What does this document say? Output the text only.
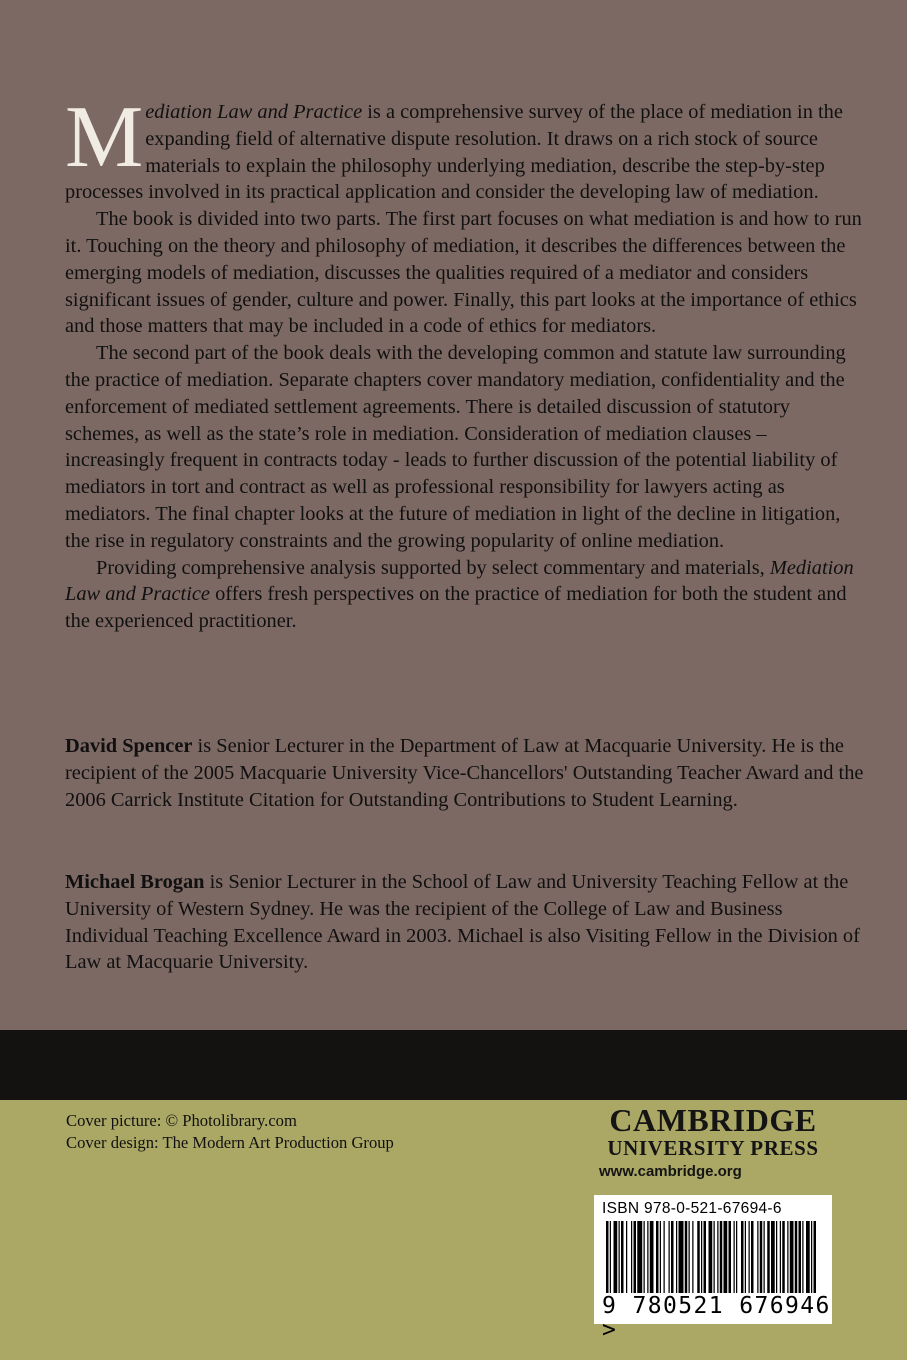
Mediation Law and Practice is a comprehensive survey of the place of mediation in the expanding field of alternative dispute resolution. It draws on a rich stock of source materials to explain the philosophy underlying mediation, describe the step-by-step processes involved in its practical application and consider the developing law of mediation.

The book is divided into two parts. The first part focuses on what mediation is and how to run it. Touching on the theory and philosophy of mediation, it describes the differences between the emerging models of mediation, discusses the qualities required of a mediator and considers significant issues of gender, culture and power. Finally, this part looks at the importance of ethics and those matters that may be included in a code of ethics for mediators.

The second part of the book deals with the developing common and statute law surrounding the practice of mediation. Separate chapters cover mandatory mediation, confidentiality and the enforcement of mediated settlement agreements. There is detailed discussion of statutory schemes, as well as the state’s role in mediation. Consideration of mediation clauses – increasingly frequent in contracts today - leads to further discussion of the potential liability of mediators in tort and contract as well as professional responsibility for lawyers acting as mediators. The final chapter looks at the future of mediation in light of the decline in litigation, the rise in regulatory constraints and the growing popularity of online mediation.

Providing comprehensive analysis supported by select commentary and materials, Mediation Law and Practice offers fresh perspectives on the practice of mediation for both the student and the experienced practitioner.

David Spencer is Senior Lecturer in the Department of Law at Macquarie University. He is the recipient of the 2005 Macquarie University Vice-Chancellors' Outstanding Teacher Award and the 2006 Carrick Institute Citation for Outstanding Contributions to Student Learning.

Michael Brogan is Senior Lecturer in the School of Law and University Teaching Fellow at the University of Western Sydney. He was the recipient of the College of Law and Business Individual Teaching Excellence Award in 2003. Michael is also Visiting Fellow in the Division of Law at Macquarie University.

Cover picture: © Photolibrary.com
Cover design: The Modern Art Production Group
CAMBRIDGE
UNIVERSITY PRESS
www.cambridge.org
ISBN 978-0-521-67694-6
9 780521 676946 >
